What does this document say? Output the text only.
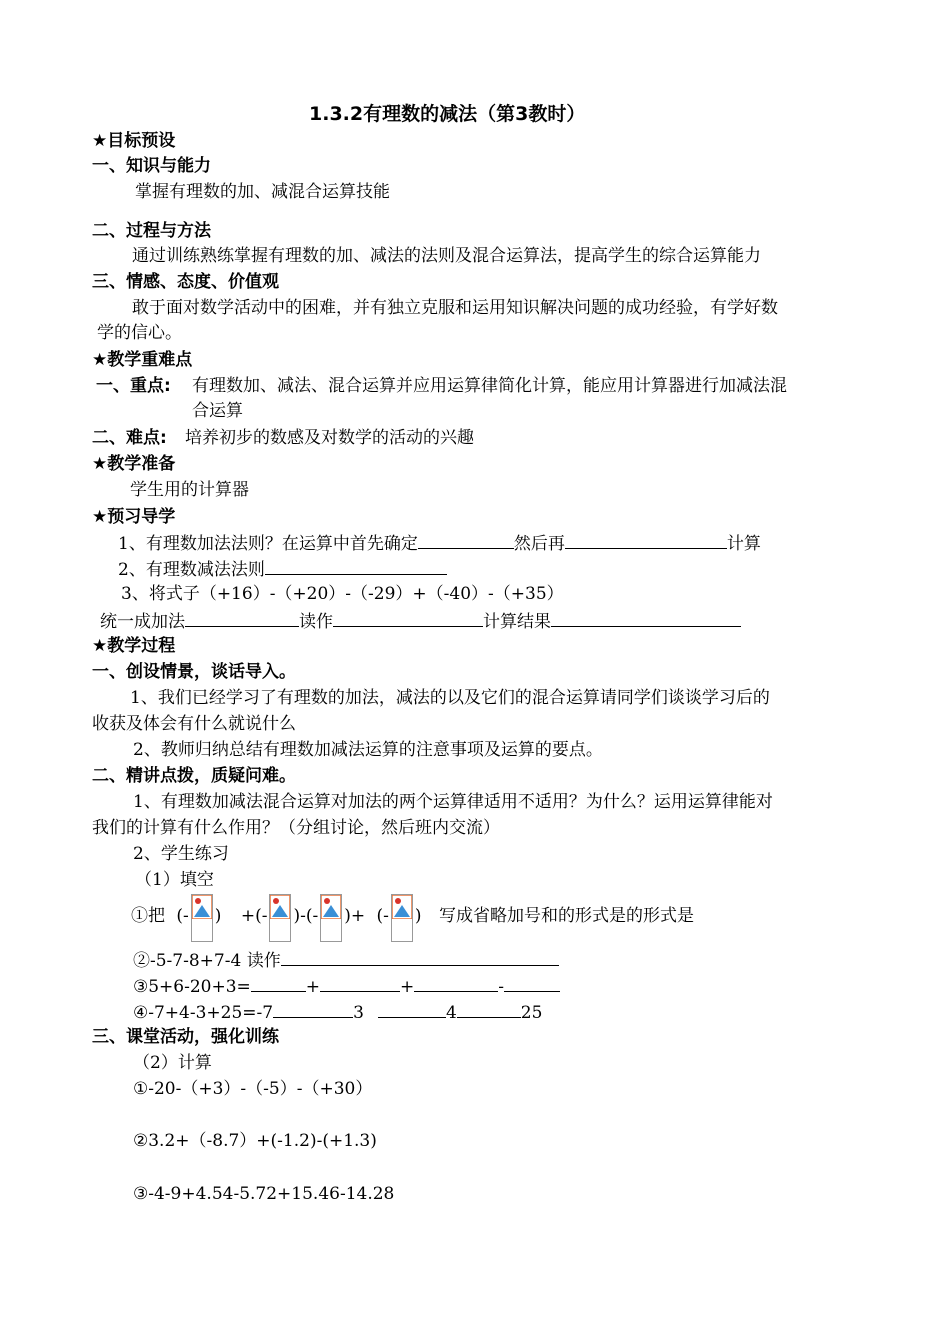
1.3.2有理数的减法（第3教时）
★目标预设
一、知识与能力
掌握有理数的加、减混合运算技能
二、过程与方法
通过训练熟练掌握有理数的加、减法的法则及混合运算法，提高学生的综合运算能力
三、情感、态度、价值观
敢于面对数学活动中的困难，并有独立克服和运用知识解决问题的成功经验，有学好数
学的信心。
★教学重难点
一、重点: 有理数加、减法、混合运算并应用运算律简化计算，能应用计算器进行加减法混
合运算
二、难点: 培养初步的数感及对数学的活动的兴趣
★教学准备
学生用的计算器
★预习导学
1、有理数加法法则？在运算中首先确定	然后再	计算
2、有理数减法法则
3、将式子（+16）-（+20）-（-29）+（-40）-（+35）
统一成加法	读作	计算结果
★教学过程
一、创设情景，谈话导入。
1、我们已经学习了有理数的加法，减法的以及它们的混合运算请同学们谈谈学习后的
收获及体会有什么就说什么
2、教师归纳总结有理数加减法运算的注意事项及运算的要点。
二、精讲点拨，质疑问难。
1、有理数加减法混合运算对加法的两个运算律适用不适用？为什么？运用运算律能对
我们的计算有什么作用？（分组讨论，然后班内交流）
2、学生练习
（1）填空
①把 (- ) +(- )-(- )+ (- ) 写成省略加号和的形式是的形式是
②-5-7-8+7-4 读作
③5+6-20+3=	+	+	-
④-7+4-3+25=-7	3	4	25
三、课堂活动，强化训练
（2）计算
①-20-（+3）-（-5）-（+30）
②3.2+（-8.7）+(-1.2)-(+1.3)
③-4-9+4.54-5.72+15.46-14.28
